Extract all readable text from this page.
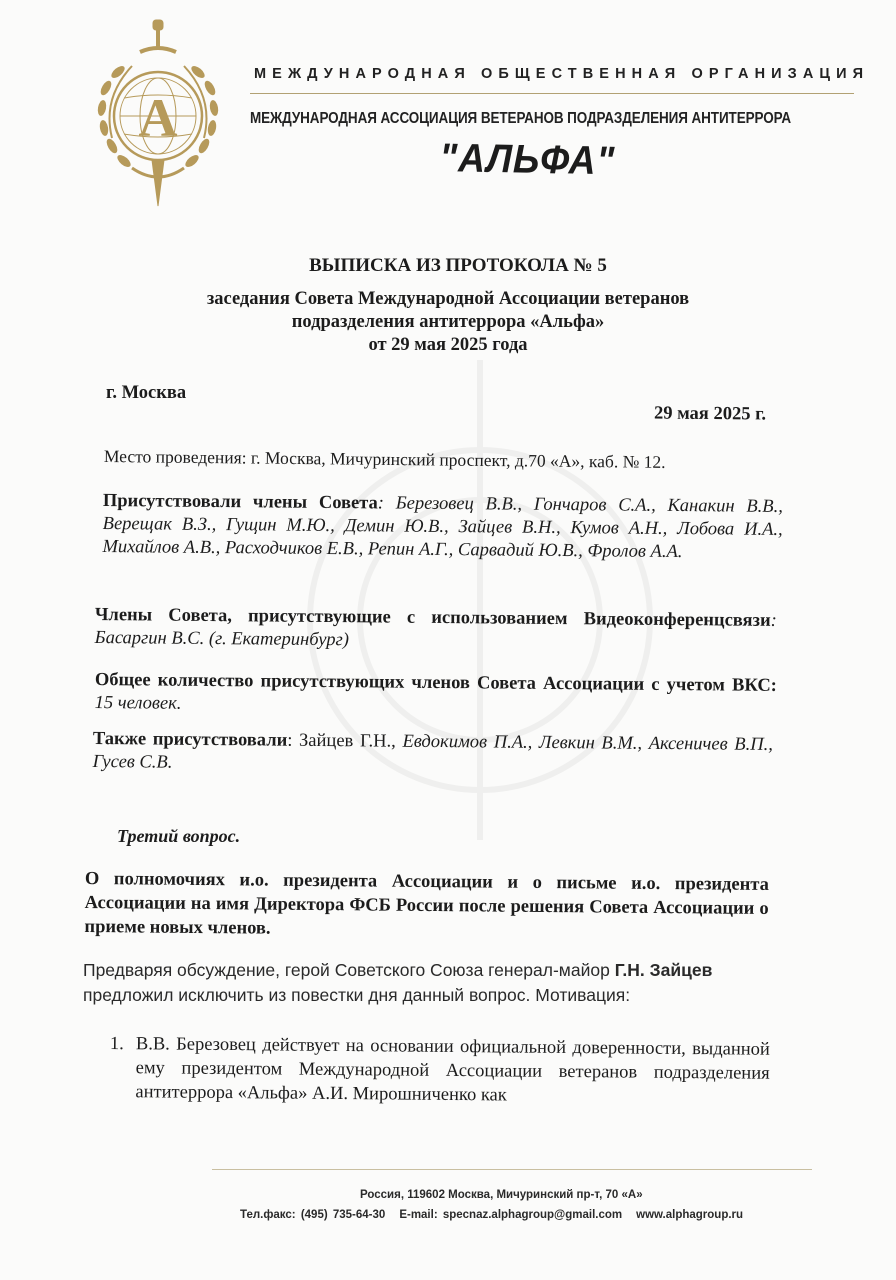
А
МЕЖДУНАРОДНАЯ ОБЩЕСТВЕННАЯ ОРГАНИЗАЦИЯ
МЕЖДУНАРОДНАЯ АССОЦИАЦИЯ ВЕТЕРАНОВ ПОДРАЗДЕЛЕНИЯ АНТИТЕРРОРА
"АЛЬФА"
ВЫПИСКА ИЗ ПРОТОКОЛА № 5
заседания Совета Международной Ассоциации ветеранов
подразделения антитеррора «Альфа»
от 29 мая 2025 года
г. Москва
29 мая 2025 г.
Место проведения: г. Москва, Мичуринский проспект, д.70 «А», каб. № 12.
Присутствовали члены Совета: Березовец В.В., Гончаров С.А., Канакин В.В., Верещак В.З., Гущин М.Ю., Демин Ю.В., Зайцев В.Н., Кумов А.Н., Лобова И.А., Михайлов А.В., Расходчиков Е.В., Репин А.Г., Сарвадий Ю.В., Фролов А.А.
Члены Совета, присутствующие с использованием Видеоконференцсвязи: Басаргин В.С. (г. Екатеринбург)
Общее количество присутствующих членов Совета Ассоциации с учетом ВКС: 15 человек.
Также присутствовали: Зайцев Г.Н., Евдокимов П.А., Левкин В.М., Аксеничев В.П., Гусев С.В.
Третий вопрос.
О полномочиях и.о. президента Ассоциации и о письме и.о. президента Ассоциации на имя Директора ФСБ России после решения Совета Ассоциации о приеме новых членов.
Предваряя обсуждение, герой Советского Союза генерал-майор Г.Н. Зайцев предложил исключить из повестки дня данный вопрос. Мотивация:
1. В.В. Березовец действует на основании официальной доверенности, выданной ему президентом Международной Ассоциации ветеранов подразделения антитеррора «Альфа» А.И. Мирошниченко как
Россия, 119602 Москва, Мичуринский пр-т, 70 «А»
Тел.факс: (495) 735-64-30 E-mail: specnaz.alphagroup@gmail.com www.alphagroup.ru
